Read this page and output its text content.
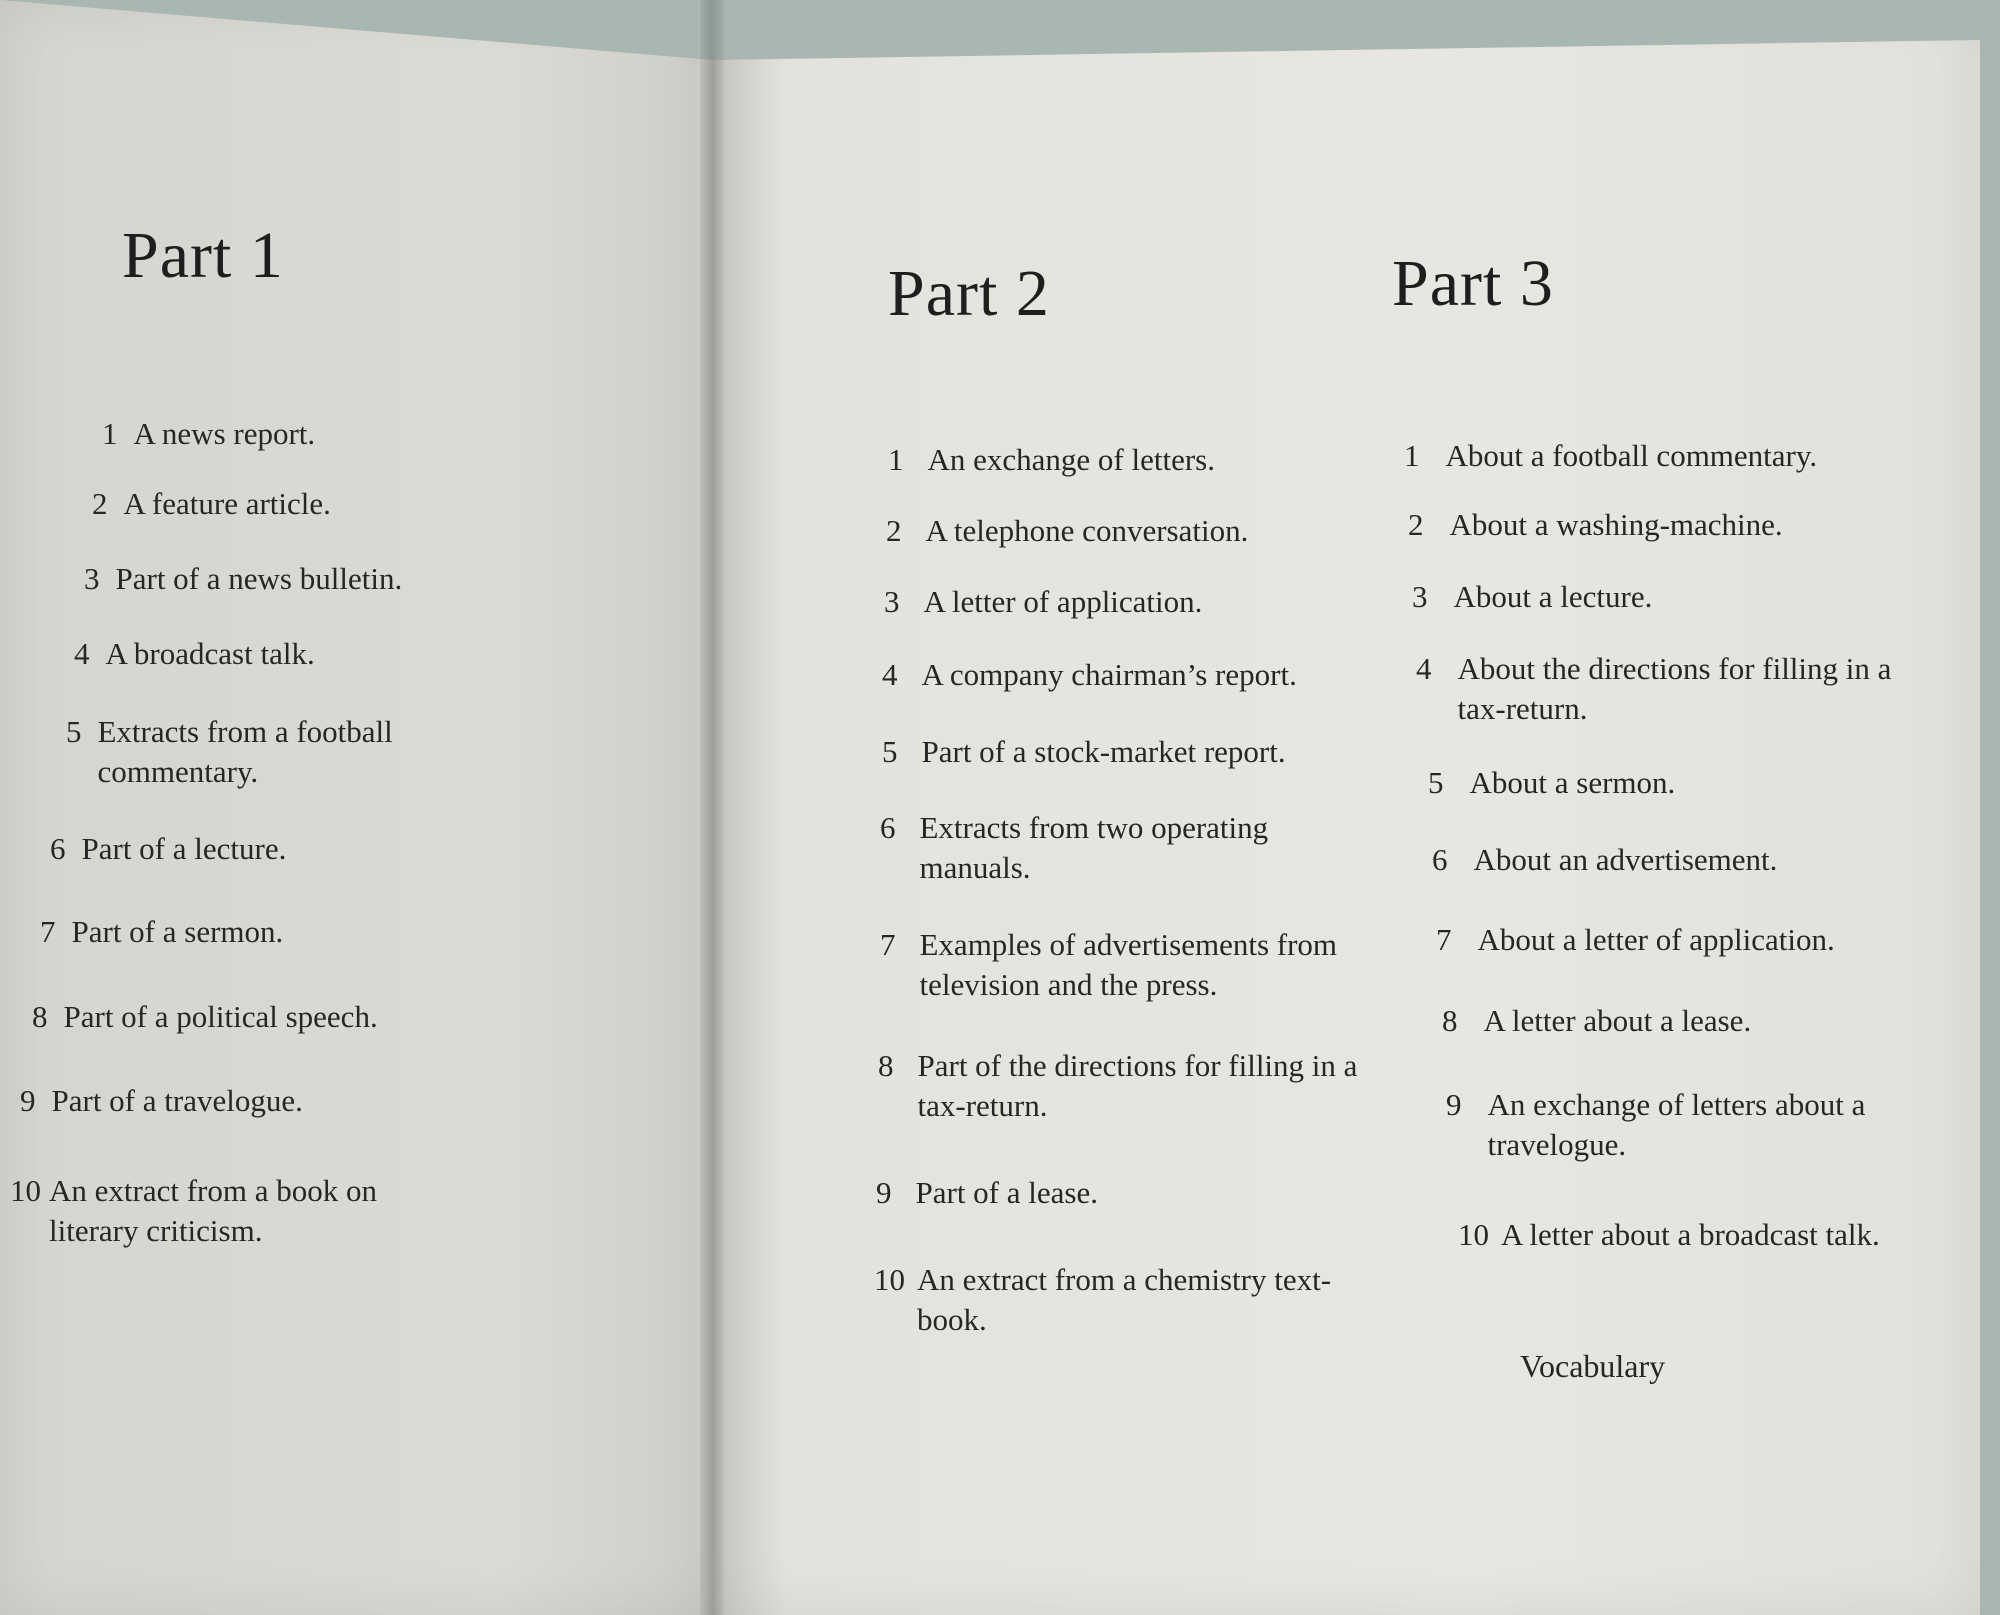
Part 1
1 A news report.
2 A feature article.
3 Part of a news bulletin.
4 A broadcast talk.
5 Extracts from a football commentary.
6 Part of a lecture.
7 Part of a sermon.
8 Part of a political speech.
9 Part of a travelogue.
10 An extract from a book on literary criticism.
Part 2
1 An exchange of letters.
2 A telephone conversation.
3 A letter of application.
4 A company chairman’s report.
5 Part of a stock-market report.
6 Extracts from two operating manuals.
7 Examples of advertisements from television and the press.
8 Part of the directions for filling in a tax-return.
9 Part of a lease.
10 An extract from a chemistry text-book.
Part 3
1 About a football commentary.
2 About a washing-machine.
3 About a lecture.
4 About the directions for filling in a tax-return.
5 About a sermon.
6 About an advertisement.
7 About a letter of application.
8 A letter about a lease.
9 An exchange of letters about a travelogue.
10 A letter about a broadcast talk.
Vocabulary
